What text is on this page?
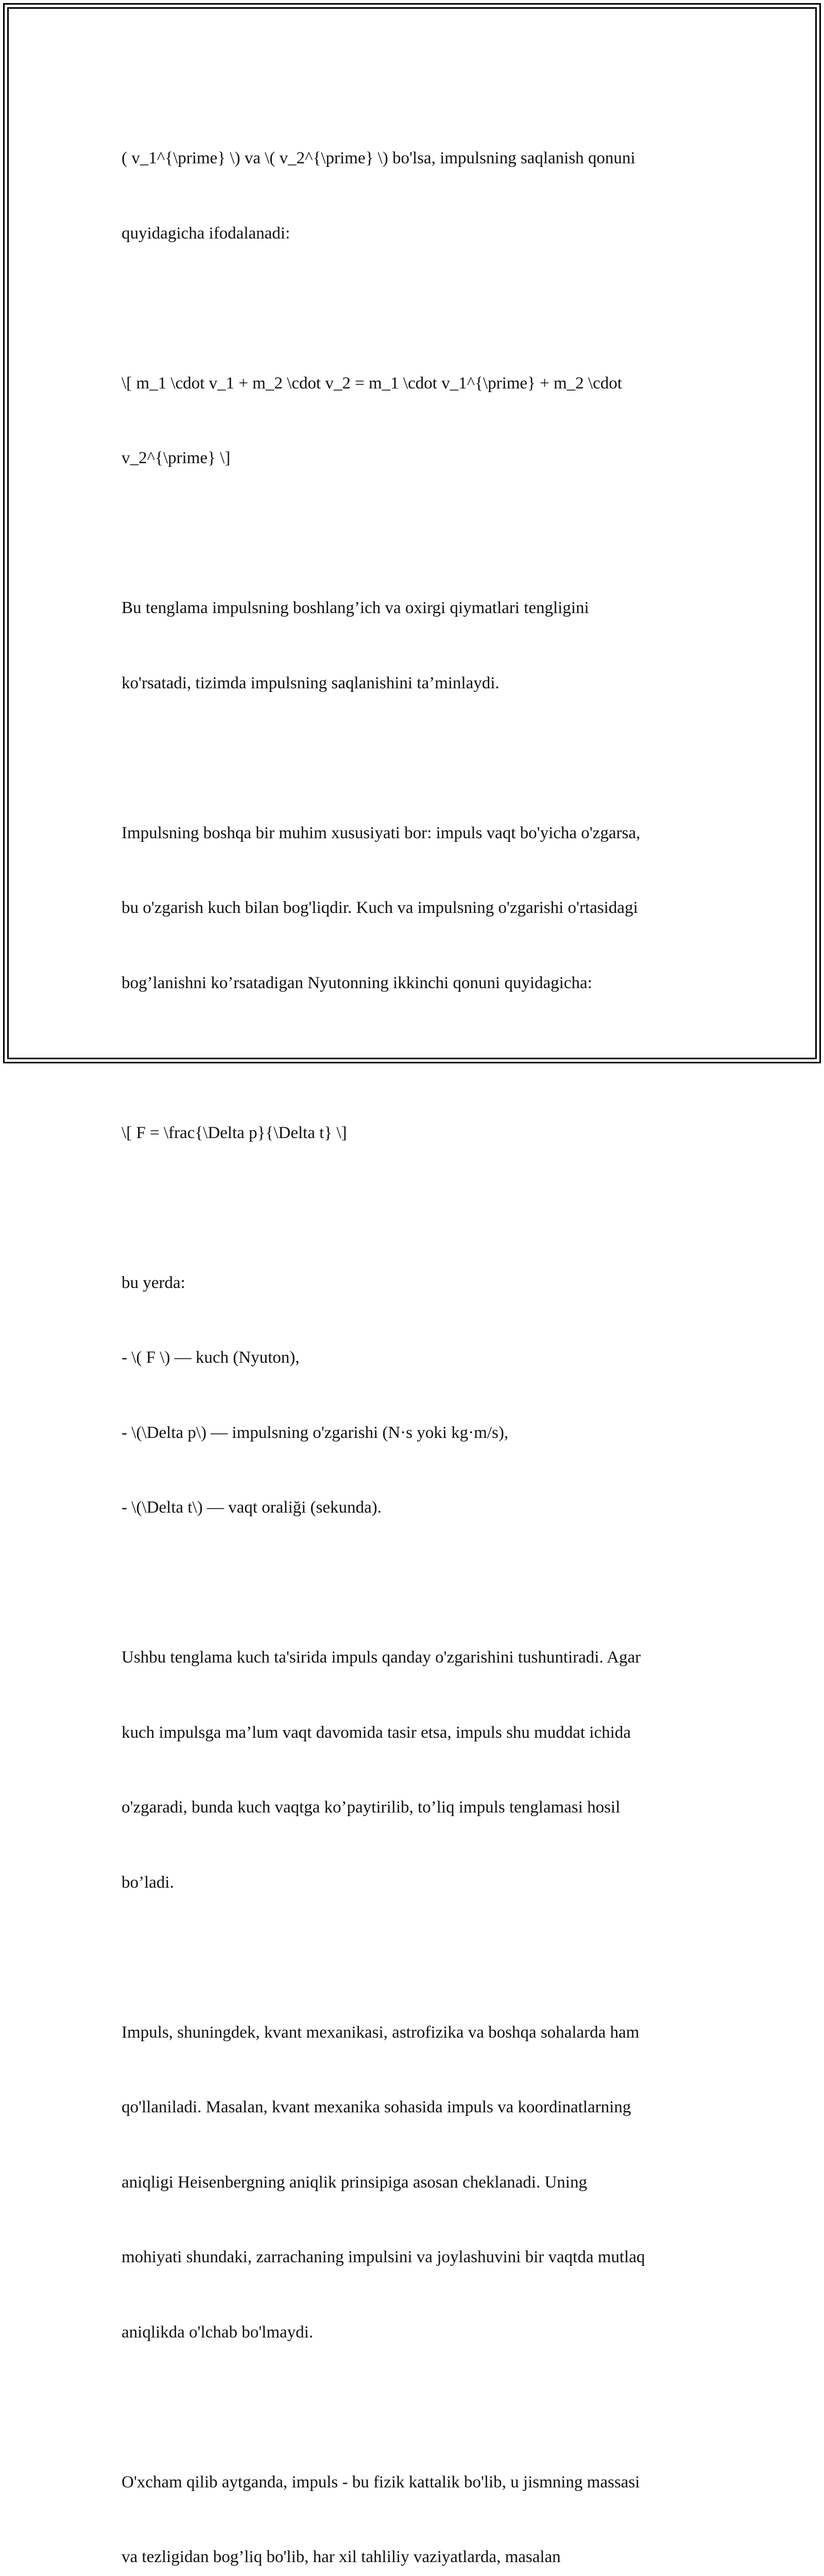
( v_1^{\prime} \) va \( v_2^{\prime} \) bo'lsa, impulsning saqlanish qonuni

quyidagicha ifodalanadi:

\[ m_1 \cdot v_1 + m_2 \cdot v_2 = m_1 \cdot v_1^{\prime} + m_2 \cdot

v_2^{\prime} \]

Bu tenglama impulsning boshlang’ich va oxirgi qiymatlari tengligini

ko'rsatadi, tizimda impulsning saqlanishini ta’minlaydi.

Impulsning boshqa bir muhim xususiyati bor: impuls vaqt bo'yicha o'zgarsa,

bu o'zgarish kuch bilan bog'liqdir. Kuch va impulsning o'zgarishi o'rtasidagi

bog’lanishni ko’rsatadigan Nyutonning ikkinchi qonuni quyidagicha:

\[ F = \frac{\Delta p}{\Delta t} \]

bu yerda:

- \( F \) — kuch (Nyuton),

- \(\Delta p\) — impulsning o'zgarishi (N·s yoki kg·m/s),

- \(\Delta t\) — vaqt oraliği (sekunda).

Ushbu tenglama kuch ta'sirida impuls qanday o'zgarishini tushuntiradi. Agar

kuch impulsga ma’lum vaqt davomida tasir etsa, impuls shu muddat ichida

o'zgaradi, bunda kuch vaqtga ko’paytirilib, to’liq impuls tenglamasi hosil

bo’ladi.

Impuls, shuningdek, kvant mexanikasi, astrofizika va boshqa sohalarda ham

qo'llaniladi. Masalan, kvant mexanika sohasida impuls va koordinatlarning

aniqligi Heisenbergning aniqlik prinsipiga asosan cheklanadi. Uning

mohiyati shundaki, zarrachaning impulsini va joylashuvini bir vaqtda mutlaq

aniqlikda o'lchab bo'lmaydi.

O'xcham qilib aytganda, impuls - bu fizik kattalik bo'lib, u jismning massasi

va tezligidan bog’liq bo'lib, har xil tahliliy vaziyatlarda, masalan
